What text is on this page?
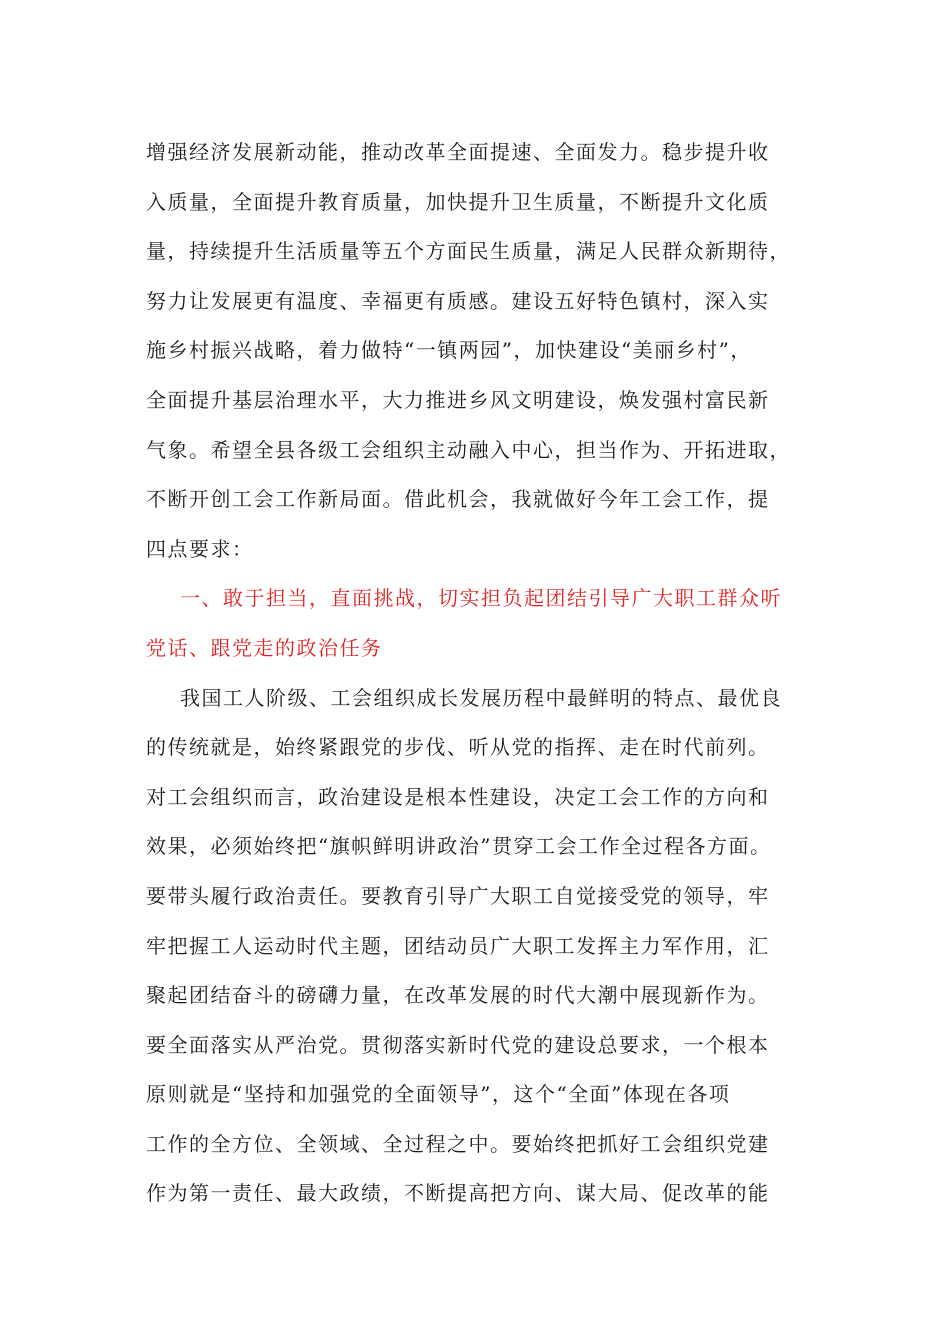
增强经济发展新动能，推动改革全面提速、全面发力。稳步提升收
入质量，全面提升教育质量，加快提升卫生质量，不断提升文化质
量，持续提升生活质量等五个方面民生质量，满足人民群众新期待，
努力让发展更有温度、幸福更有质感。建设五好特色镇村，深入实
施乡村振兴战略，着力做特“一镇两园”，加快建设“美丽乡村”，
全面提升基层治理水平，大力推进乡风文明建设，焕发强村富民新
气象。希望全县各级工会组织主动融入中心，担当作为、开拓进取，
不断开创工会工作新局面。借此机会，我就做好今年工会工作，提
四点要求：
一、敢于担当，直面挑战，切实担负起团结引导广大职工群众听
党话、跟党走的政治任务
我国工人阶级、工会组织成长发展历程中最鲜明的特点、最优良
的传统就是，始终紧跟党的步伐、听从党的指挥、走在时代前列。
对工会组织而言，政治建设是根本性建设，决定工会工作的方向和
效果，必须始终把“旗帜鲜明讲政治”贯穿工会工作全过程各方面。
要带头履行政治责任。要教育引导广大职工自觉接受党的领导，牢
牢把握工人运动时代主题，团结动员广大职工发挥主力军作用，汇
聚起团结奋斗的磅礴力量，在改革发展的时代大潮中展现新作为。
要全面落实从严治党。贯彻落实新时代党的建设总要求，一个根本
原则就是“坚持和加强党的全面领导”，这个“全面”体现在各项
工作的全方位、全领域、全过程之中。要始终把抓好工会组织党建
作为第一责任、最大政绩，不断提高把方向、谋大局、促改革的能
